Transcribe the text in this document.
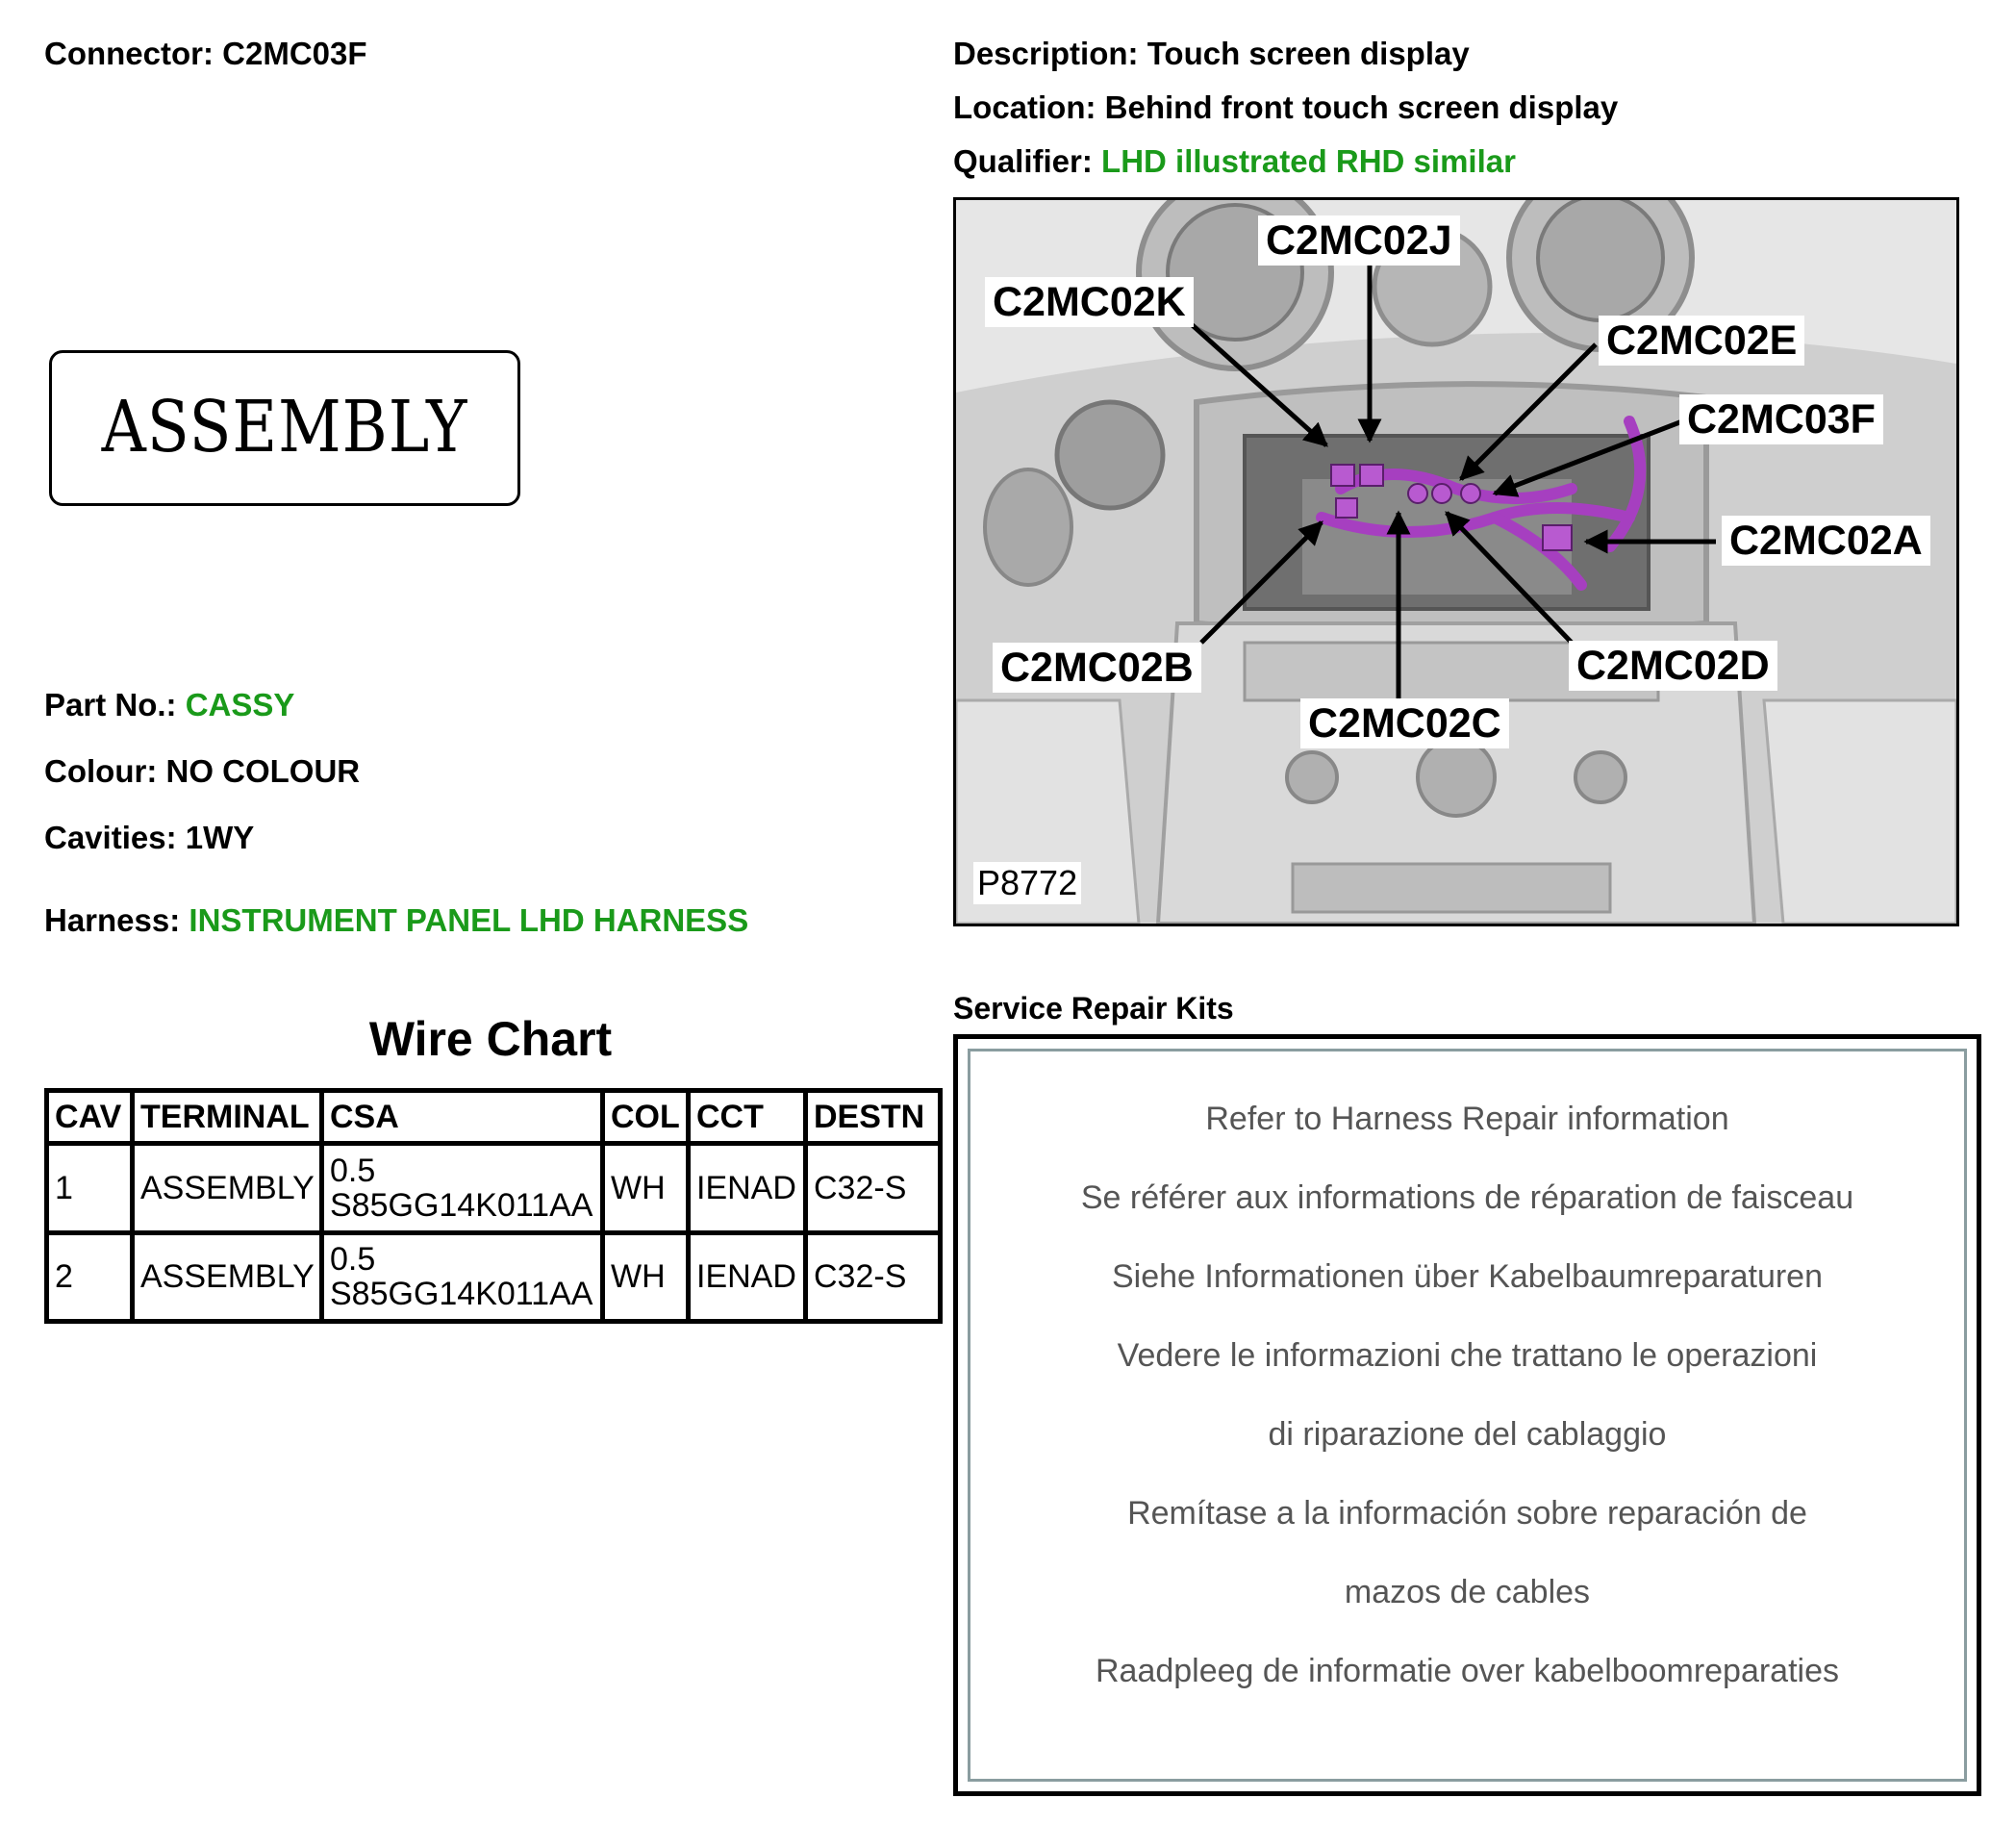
Connector: C2MC03F
ASSEMBLY
Part No.: CASSY
Colour: NO COLOUR
Cavities: 1WY
Harness: INSTRUMENT PANEL LHD HARNESS
Wire Chart
CAV	TERMINAL	CSA	COL	CCT	DESTN
1	ASSEMBLY	0.5
S85GG14K011AA	WH	IENAD	C32-S
2	ASSEMBLY	0.5
S85GG14K011AA	WH	IENAD	C32-S
Description: Touch screen display
Location: Behind front touch screen display
Qualifier: LHD illustrated RHD similar
C2MC02J
C2MC02K
C2MC02E
C2MC03F
C2MC02A
C2MC02B	C2MC02D
C2MC02C
P8772
Service Repair Kits
Refer to Harness Repair information
Se référer aux informations de réparation de faisceau
Siehe Informationen über Kabelbaumreparaturen
Vedere le informazioni che trattano le operazioni
di riparazione del cablaggio
Remítase a la información sobre reparación de
mazos de cables
Raadpleeg de informatie over kabelboomreparaties
